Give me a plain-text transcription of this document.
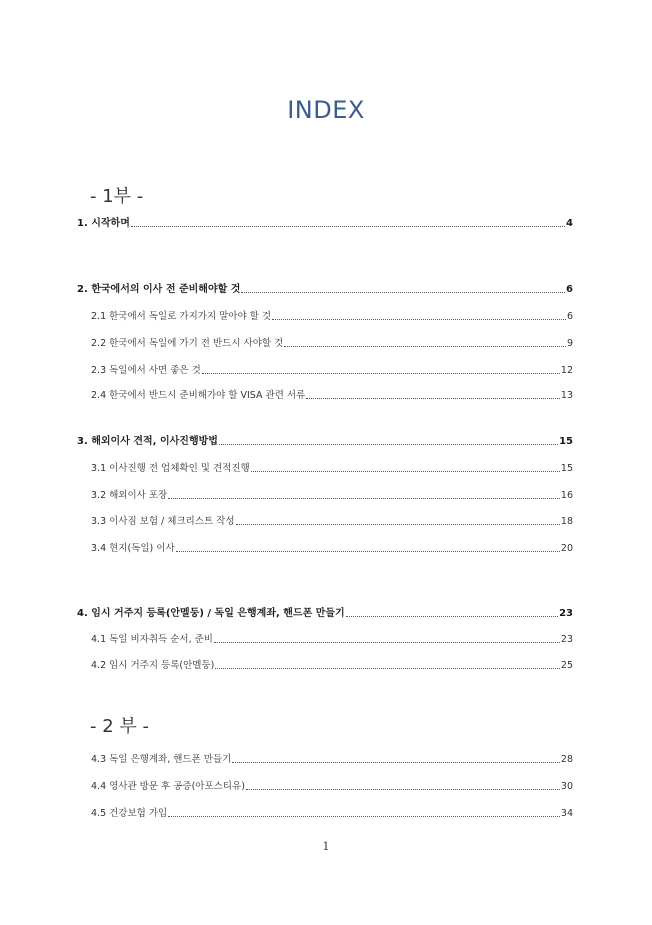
INDEX
- 1부 -
1. 시작하며	4
2. 한국에서의 이사 전 준비해야할 것	6
2.1 한국에서 독일로 가지가지 말아야 할 것	6
2.2 한국에서 독일에 가기 전 반드시 사야할 것	9
2.3 독일에서 사면 좋은 것	12
2.4 한국에서 반드시 준비해가야 할 VISA 관련 서류	13
3. 해외이사 견적, 이사진행방법	15
3.1 이사진행 전 업체확인 및 견적진행	15
3.2 해외이사 포장	16
3.3 이사짐 보험 / 체크리스트 작성	18
3.4 현지(독일) 이사	20
4. 임시 거주지 등록(안멜둥) / 독일 은행계좌, 핸드폰 만들기	23
4.1 독일 비자취득 순서, 준비	23
4.2 임시 거주지 등록(안멜둥)	25
- 2 부 -
4.3 독일 은행계좌, 핸드폰 만들기	28
4.4 영사관 방문 후 공증(아포스티유)	30
4.5 건강보험 가입	34
1
